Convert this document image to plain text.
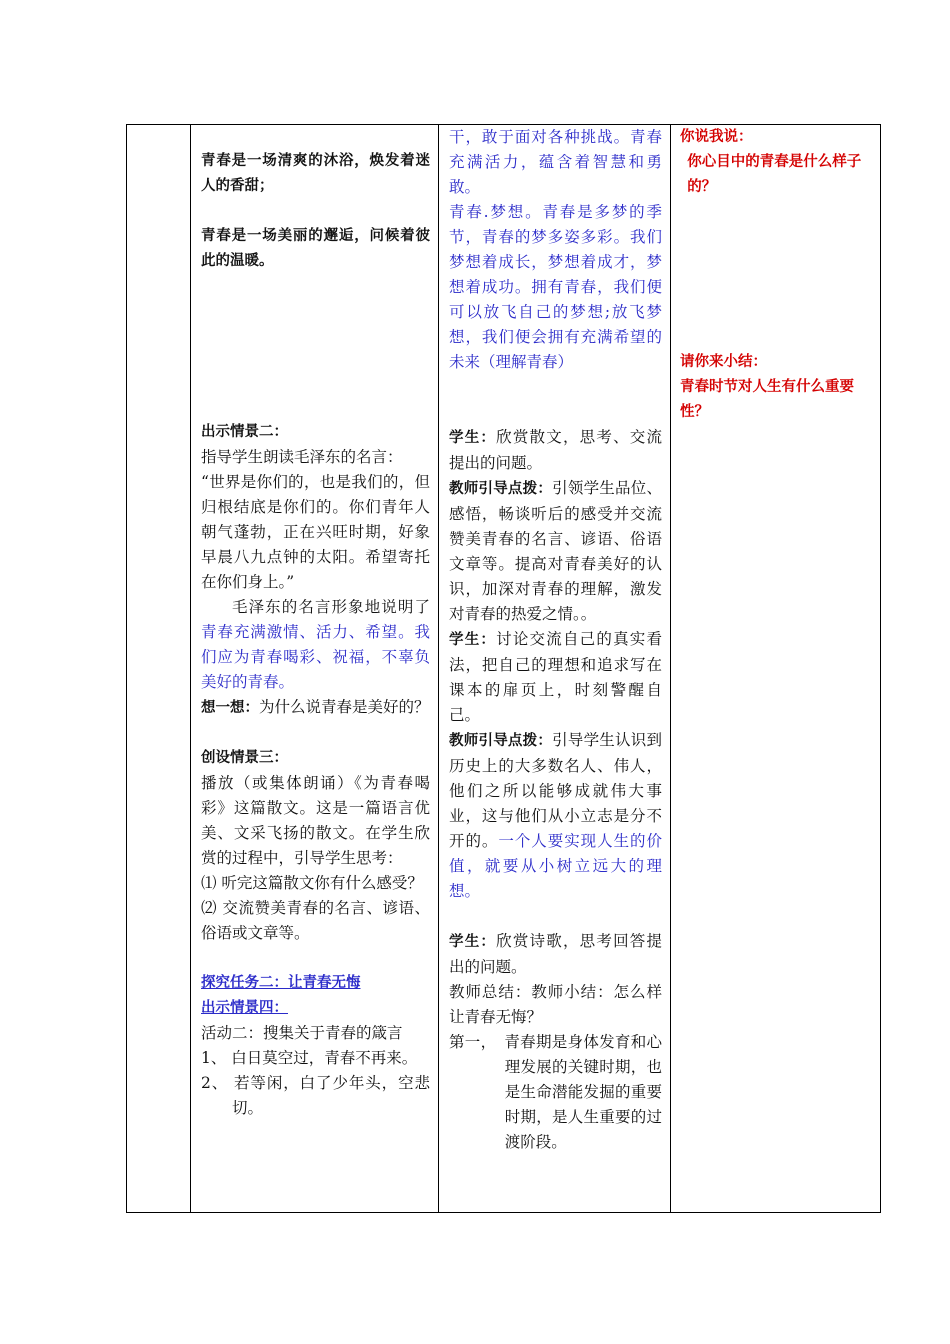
青春是一场清爽的沐浴，焕发着迷人的香甜；

青春是一场美丽的邂逅，问候着彼此的温暖。

出示情景二：

指导学生朗读毛泽东的名言：

“世界是你们的，也是我们的，但归根结底是你们的。你们青年人朝气蓬勃，正在兴旺时期，好象早晨八九点钟的太阳。希望寄托在你们身上。”

毛泽东的名言形象地说明了青春充满激情、活力、希望。我们应为青春喝彩、祝福，不辜负美好的青春。

想一想：为什么说青春是美好的？

创设情景三：

播放（或集体朗诵）《为青春喝彩》这篇散文。这是一篇语言优美、文采飞扬的散文。在学生欣赏的过程中，引导学生思考：

⑴ 听完这篇散文你有什么感受？

⑵ 交流赞美青春的名言、谚语、俗语或文章等。

探究任务二：让青春无悔

出示情景四：

活动二：搜集关于青春的箴言

1、 白日莫空过，青春不再来。

2、 若等闲，白了少年头，空悲切。

干，敢于面对各种挑战。青春充满活力，蕴含着智慧和勇敢。

青春.梦想。青春是多梦的季节，青春的梦多姿多彩。我们梦想着成长，梦想着成才，梦想着成功。拥有青春，我们便可以放飞自己的梦想;放飞梦想，我们便会拥有充满希望的未来（理解青春）

学生：欣赏散文，思考、交流提出的问题。

教师引导点拨：引领学生品位、感悟，畅谈听后的感受并交流赞美青春的名言、谚语、俗语文章等。提高对青春美好的认识，加深对青春的理解，激发对青春的热爱之情。。

学生：讨论交流自己的真实看法，把自己的理想和追求写在课本的扉页上，时刻警醒自己。

教师引导点拨：引导学生认识到历史上的大多数名人、伟人，他们之所以能够成就伟大事业，这与他们从小立志是分不开的。一个人要实现人生的价值，就要从小树立远大的理想。

学生：欣赏诗歌，思考回答提出的问题。

教师总结：教师小结：怎么样让青春无悔？

第一，　青春期是身体发育和心理发展的关键时期，也是生命潜能发掘的重要时期，是人生重要的过渡阶段。

你说我说：

你心目中的青春是什么样子的？

请你来小结：

青春时节对人生有什么重要性？
